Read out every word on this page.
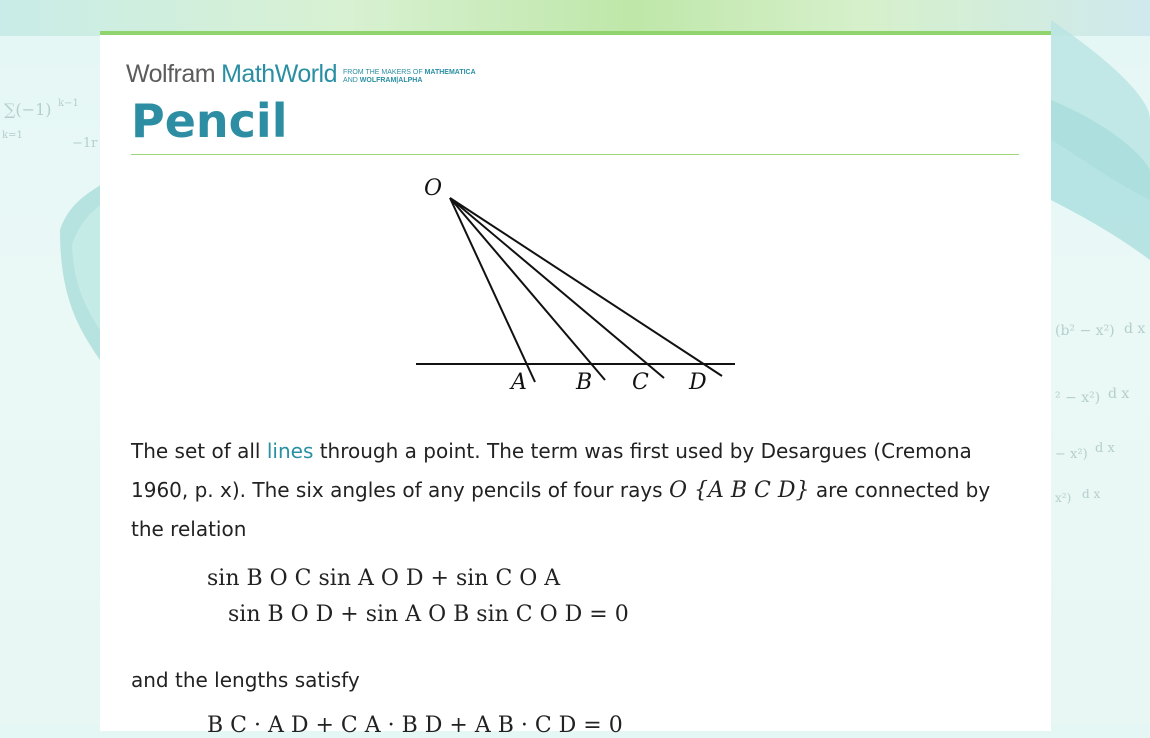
∑(−1) k−1
k=1
−1r
(b² − x²) d x
² − x²) d x
− x²) d x
x²) d x
Wolfram MathWorld FROM THE MAKERS OF MATHEMATICA
AND WOLFRAM|ALPHA
Pencil
O
A B C D

The set of all lines through a point. The term was first used by Desargues (Cremona 1960, p. x). The six angles of any pencils of four rays O {A B C D} are connected by the relation

sin B O C sin A O D + sin C O A
sin B O D + sin A O B sin C O D = 0

and the lengths satisfy

B C · A D + C A · B D + A B · C D = 0
